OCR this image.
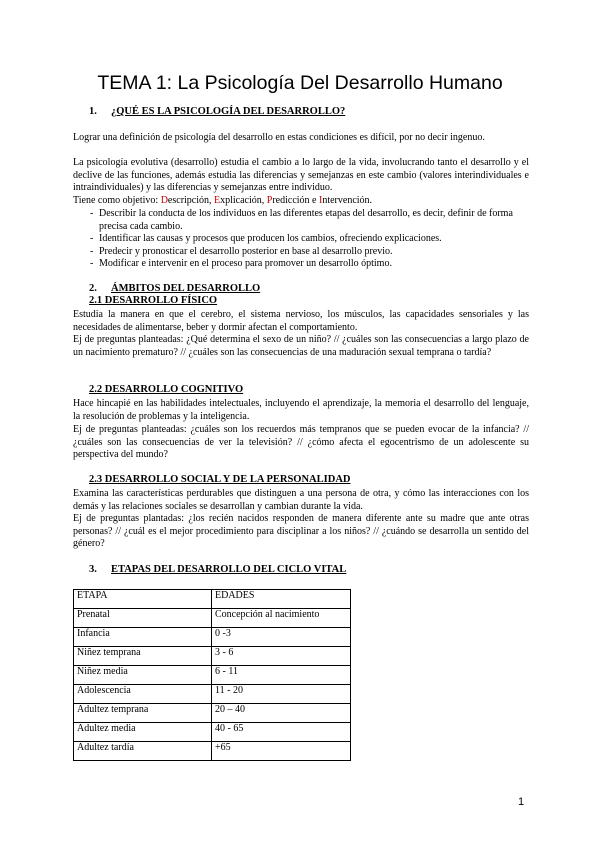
TEMA 1: La Psicología Del Desarrollo Humano
1. ¿QUÉ ES LA PSICOLOGÍA DEL DESARROLLO?
Lograr una definición de psicología del desarrollo en estas condiciones es difícil, por no decir ingenuo.
La psicología evolutiva (desarrollo) estudia el cambio a lo largo de la vida, involucrando tanto el desarrollo y el declive de las funciones, además estudia las diferencias y semejanzas en este cambio (valores interindividuales e intraindividuales) y las diferencias y semejanzas entre individuo.
Tiene como objetivo: Descripción, Explicación, Predicción e Intervención.
- Describir la conducta de los individuos en las diferentes etapas del desarrollo, es decir, definir de forma precisa cada cambio.
- Identificar las causas y procesos que producen los cambios, ofreciendo explicaciones.
- Predecir y pronosticar el desarrollo posterior en base al desarrollo previo.
- Modificar e intervenir en el proceso para promover un desarrollo óptimo.
2. ÁMBITOS DEL DESARROLLO
2.1 DESARROLLO FÍSICO
Estudia la manera en que el cerebro, el sistema nervioso, los músculos, las capacidades sensoriales y las necesidades de alimentarse, beber y dormir afectan el comportamiento.
Ej de preguntas planteadas: ¿Qué determina el sexo de un niño? // ¿cuáles son las consecuencias a largo plazo de un nacimiento prematuro? // ¿cuáles son las consecuencias de una maduración sexual temprana o tardía?
2.2 DESARROLLO COGNITIVO
Hace hincapié en las habilidades intelectuales, incluyendo el aprendizaje, la memoria el desarrollo del lenguaje, la resolución de problemas y la inteligencia.
Ej de preguntas planteadas: ¿cuáles son los recuerdos más tempranos que se pueden evocar de la infancia? // ¿cuáles son las consecuencias de ver la televisión? // ¿cómo afecta el egocentrismo de un adolescente su perspectiva del mundo?
2.3 DESARROLLO SOCIAL Y DE LA PERSONALIDAD
Examina las características perdurables que distinguen a una persona de otra, y cómo las interacciones con los demás y las relaciones sociales se desarrollan y cambian durante la vida.
Ej de preguntas plantadas: ¿los recién nacidos responden de manera diferente ante su madre que ante otras personas? // ¿cuál es el mejor procedimiento para disciplinar a los niños? // ¿cuándo se desarrolla un sentido del género?
3. ETAPAS DEL DESARROLLO DEL CICLO VITAL
ETAPA	EDADES
Prenatal	Concepción al nacimiento
Infancia	0 -3
Niñez temprana	3 - 6
Niñez media	6 - 11
Adolescencia	11 - 20
Adultez temprana	20 – 40
Adultez media	40 - 65
Adultez tardía	+65
1
